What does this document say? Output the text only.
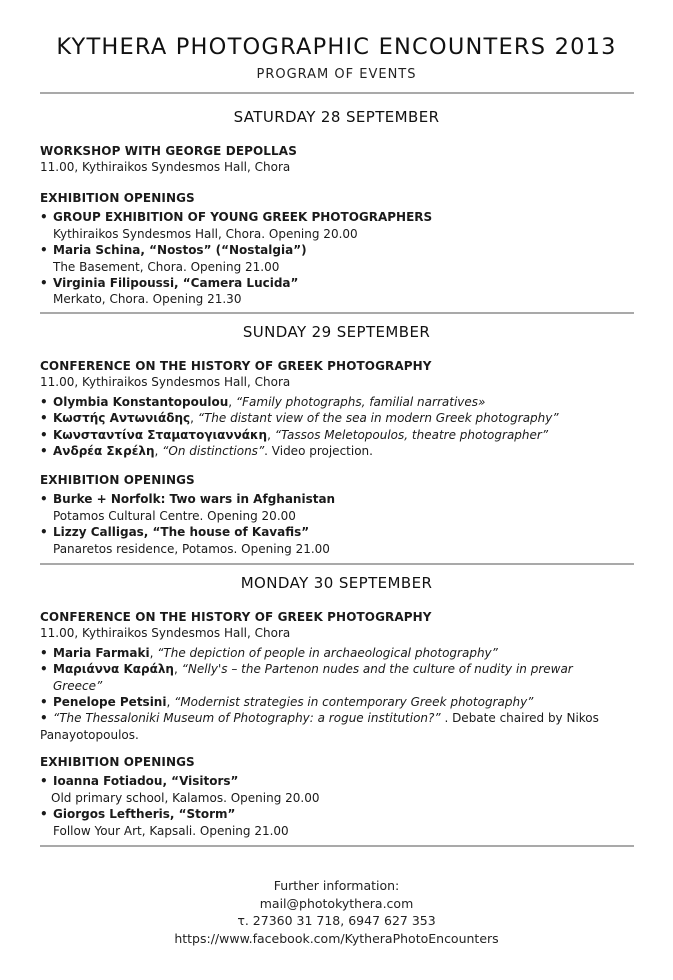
KYTHERA PHOTOGRAPHIC ENCOUNTERS 2013
PROGRAM OF EVENTS
SATURDAY 28 SEPTEMBER
WORKSHOP WITH GEORGE DEPOLLAS
11.00, Kythiraikos Syndesmos Hall, Chora
EXHIBITION OPENINGS
• GROUP EXHIBITION OF YOUNG GREEK PHOTOGRAPHERS
Kythiraikos Syndesmos Hall, Chora. Opening 20.00
• Maria Schina, “Nostos” (“Nostalgia”)
The Basement, Chora. Opening 21.00
• Virginia Filipoussi, “Camera Lucida”
Merkato, Chora. Opening 21.30
SUNDAY 29 SEPTEMBER
CONFERENCE ON THE HISTORY OF GREEK PHOTOGRAPHY
11.00, Kythiraikos Syndesmos Hall, Chora
• Olymbia Konstantopoulou, “Family photographs, familial narratives»
• Κωστής Αντωνιάδης, “The distant view of the sea in modern Greek photography”
• Κωνσταντίνα Σταματογιαννάκη, “Tassos Meletopoulos, theatre photographer”
• Ανδρέα Σκρέλη, “On distinctions”. Video projection.
EXHIBITION OPENINGS
• Burke + Norfolk: Two wars in Afghanistan
Potamos Cultural Centre. Opening 20.00
• Lizzy Calligas, “The house of Kavafis”
Panaretos residence, Potamos. Opening 21.00
MONDAY 30 SEPTEMBER
CONFERENCE ON THE HISTORY OF GREEK PHOTOGRAPHY
11.00, Kythiraikos Syndesmos Hall, Chora
• Maria Farmaki, “The depiction of people in archaeological photography”
• Μαριάννα Καράλη, “Nelly's – the Partenon nudes and the culture of nudity in prewar
Greece”
• Penelope Petsini, “Modernist strategies in contemporary Greek photography”
• “The Thessaloniki Museum of Photography: a rogue institution?” . Debate chaired by Nikos
Panayotopoulos.
EXHIBITION OPENINGS
• Ioanna Fotiadou, “Visitors”
Old primary school, Kalamos. Opening 20.00
• Giorgos Leftheris, “Storm”
Follow Your Art, Kapsali. Opening 21.00
Further information:
mail@photokythera.com
τ. 27360 31 718, 6947 627 353
https://www.facebook.com/KytheraPhotoEncounters
